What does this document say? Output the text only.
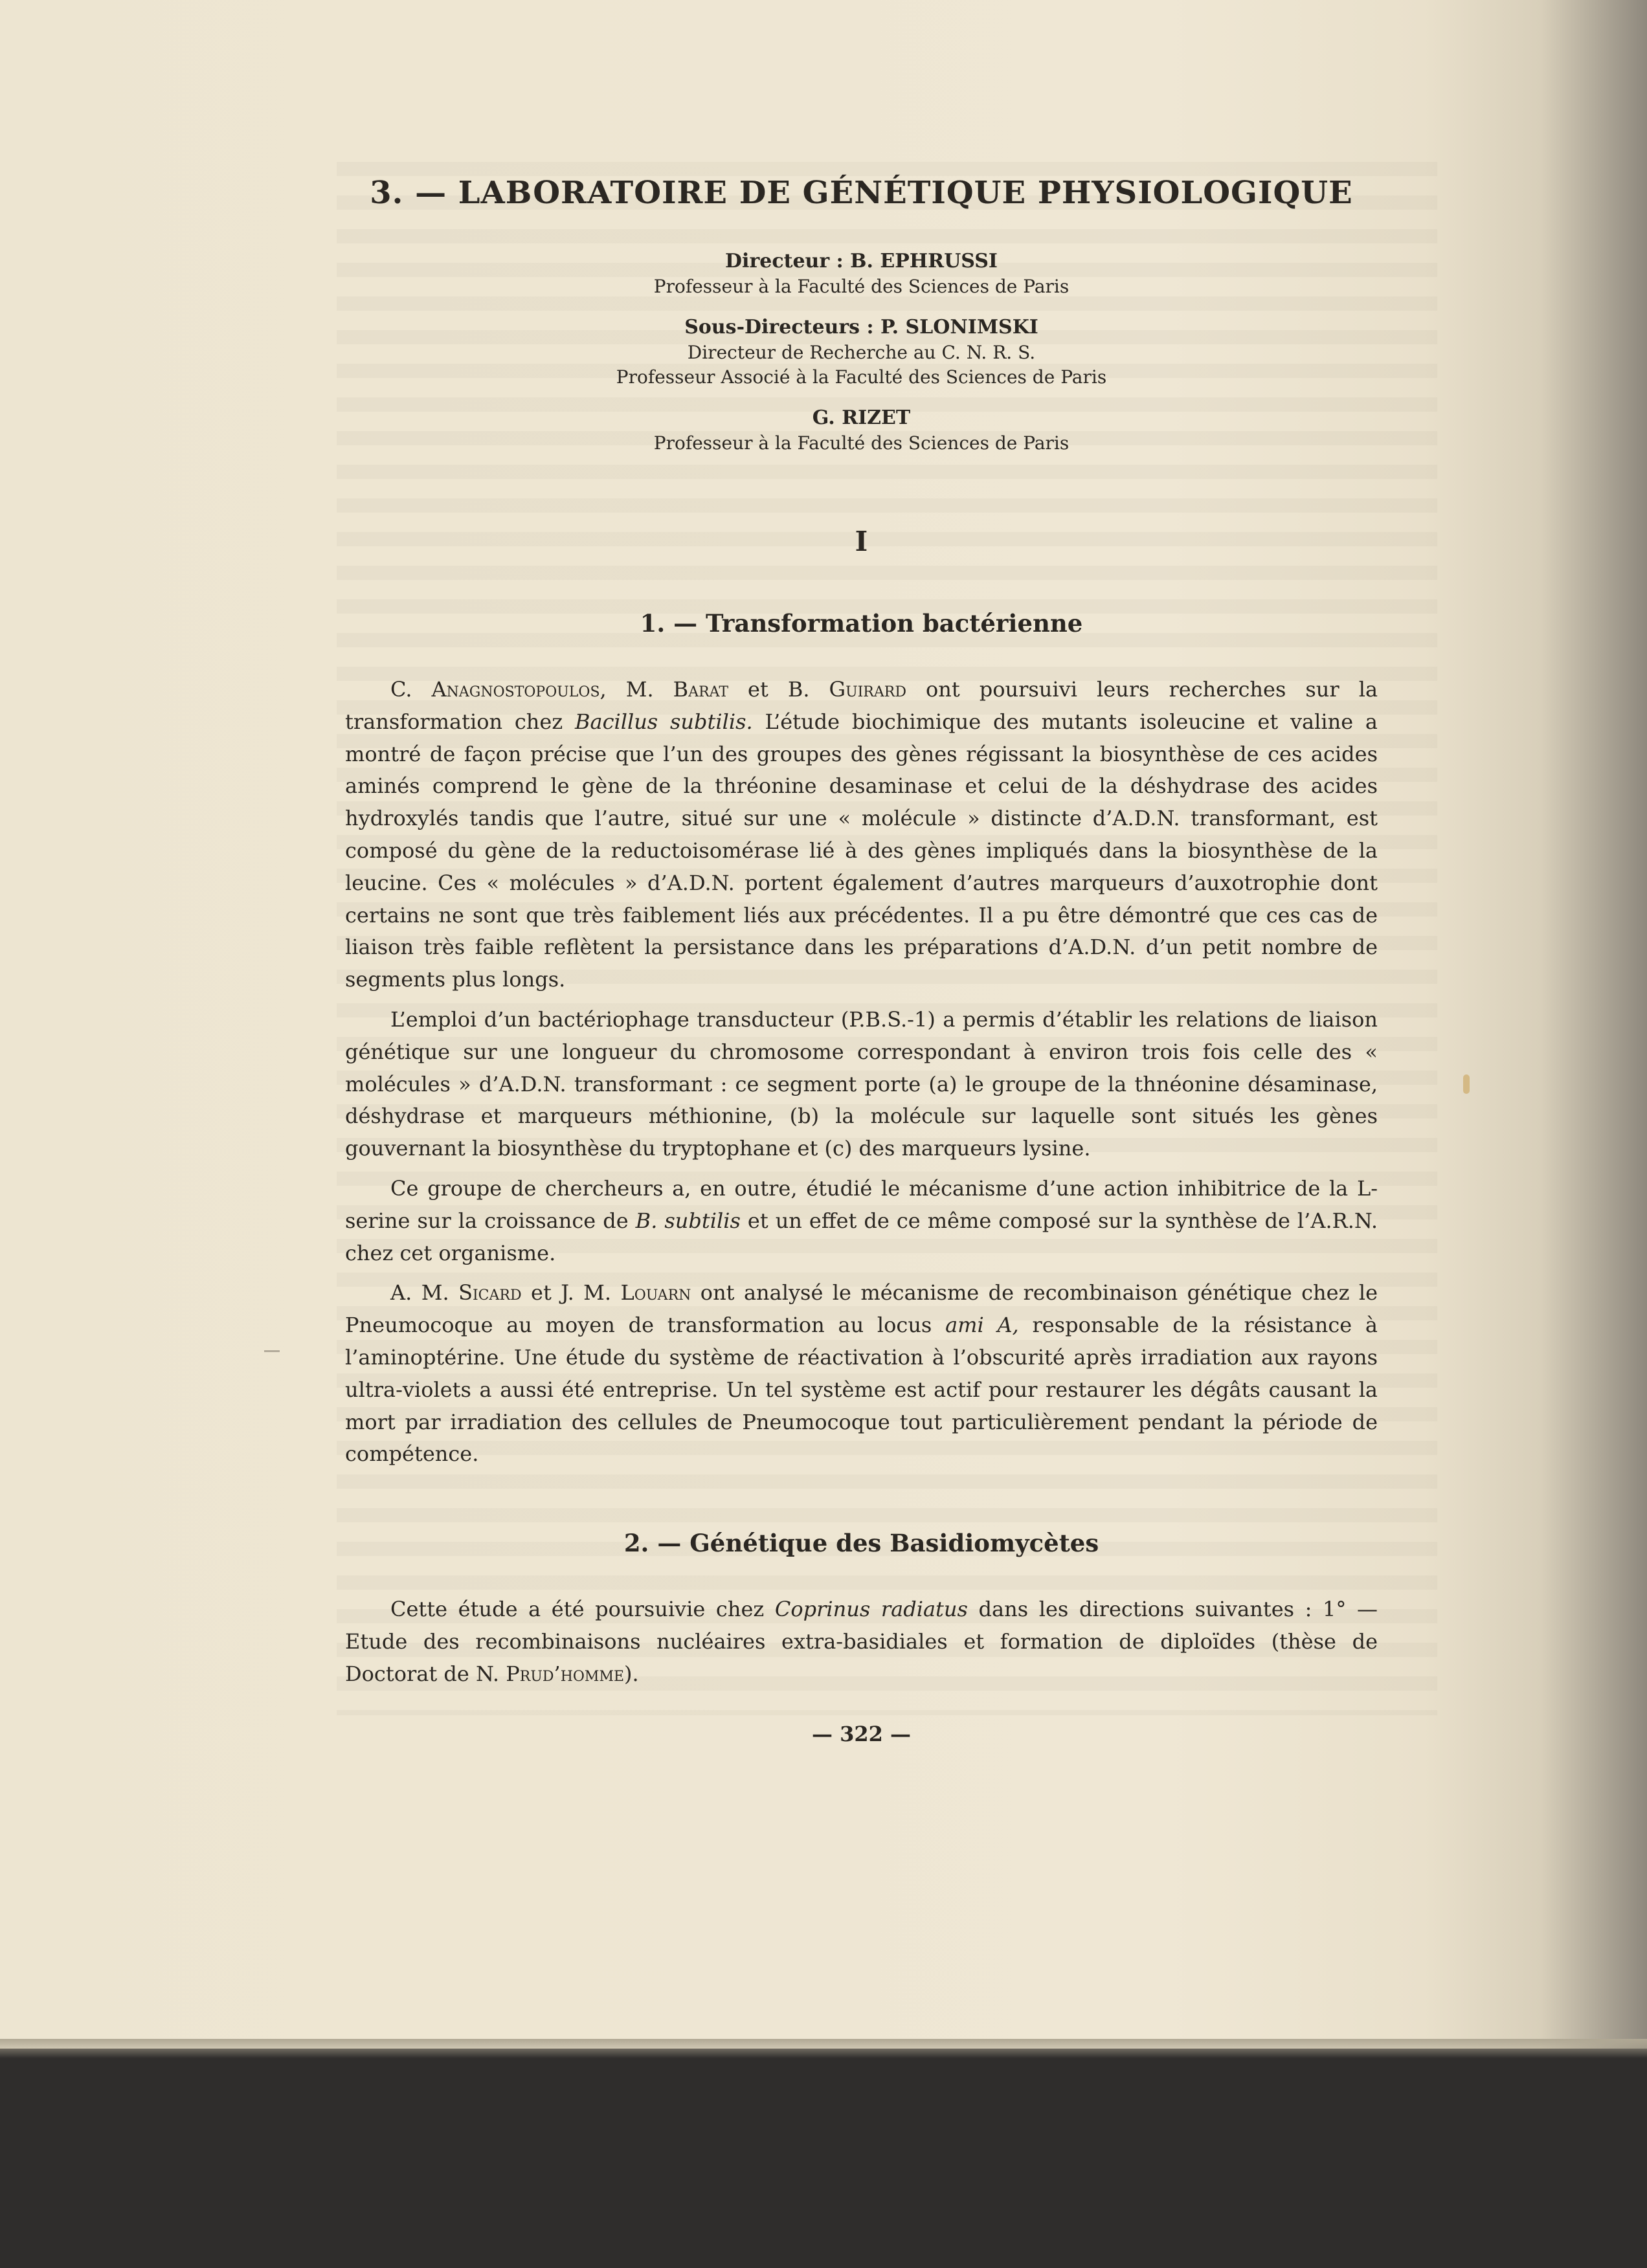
3. — LABORATOIRE DE GÉNÉTIQUE PHYSIOLOGIQUE

Directeur : B. EPHRUSSI

Professeur à la Faculté des Sciences de Paris

Sous-Directeurs : P. SLONIMSKI

Directeur de Recherche au C. N. R. S.

Professeur Associé à la Faculté des Sciences de Paris

G. RIZET

Professeur à la Faculté des Sciences de Paris

I
1. — Transformation bactérienne

C. Anagnostopoulos, M. Barat et B. Guirard ont poursuivi leurs recherches sur la transformation chez Bacillus subtilis. L’étude biochimique des mutants isoleucine et valine a montré de façon précise que l’un des groupes des gènes régissant la biosynthèse de ces acides aminés comprend le gène de la thréonine desaminase et celui de la déshydrase des acides hydroxylés tandis que l’autre, situé sur une « molécule » distincte d’A.D.N. transformant, est composé du gène de la reductoisomérase lié à des gènes impliqués dans la biosynthèse de la leucine. Ces « molécules » d’A.D.N. portent également d’autres marqueurs d’auxotrophie dont certains ne sont que très faiblement liés aux précédentes. Il a pu être démontré que ces cas de liaison très faible reflètent la persistance dans les préparations d’A.D.N. d’un petit nombre de segments plus longs.

L’emploi d’un bactériophage transducteur (P.B.S.-1) a permis d’établir les relations de liaison génétique sur une longueur du chromosome correspondant à environ trois fois celle des « molécules » d’A.D.N. transformant : ce segment porte (a) le groupe de la thnéonine désaminase, déshydrase et marqueurs méthionine, (b) la molécule sur laquelle sont situés les gènes gouvernant la biosynthèse du tryptophane et (c) des marqueurs lysine.

Ce groupe de chercheurs a, en outre, étudié le mécanisme d’une action inhibitrice de la L-serine sur la croissance de B. subtilis et un effet de ce même composé sur la synthèse de l’A.R.N. chez cet organisme.

A. M. Sicard et J. M. Louarn ont analysé le mécanisme de recombinaison génétique chez le Pneumocoque au moyen de transformation au locus ami A, responsable de la résistance à l’aminoptérine. Une étude du système de réactivation à l’obscurité après irradiation aux rayons ultra-violets a aussi été entreprise. Un tel système est actif pour restaurer les dégâts causant la mort par irradiation des cellules de Pneumocoque tout particulièrement pendant la période de compétence.

2. — Génétique des Basidiomycètes

Cette étude a été poursuivie chez Coprinus radiatus dans les directions suivantes : 1° — Etude des recombinaisons nucléaires extra-basidiales et formation de diploïdes (thèse de Doctorat de N. Prud’homme).

— 322 —
